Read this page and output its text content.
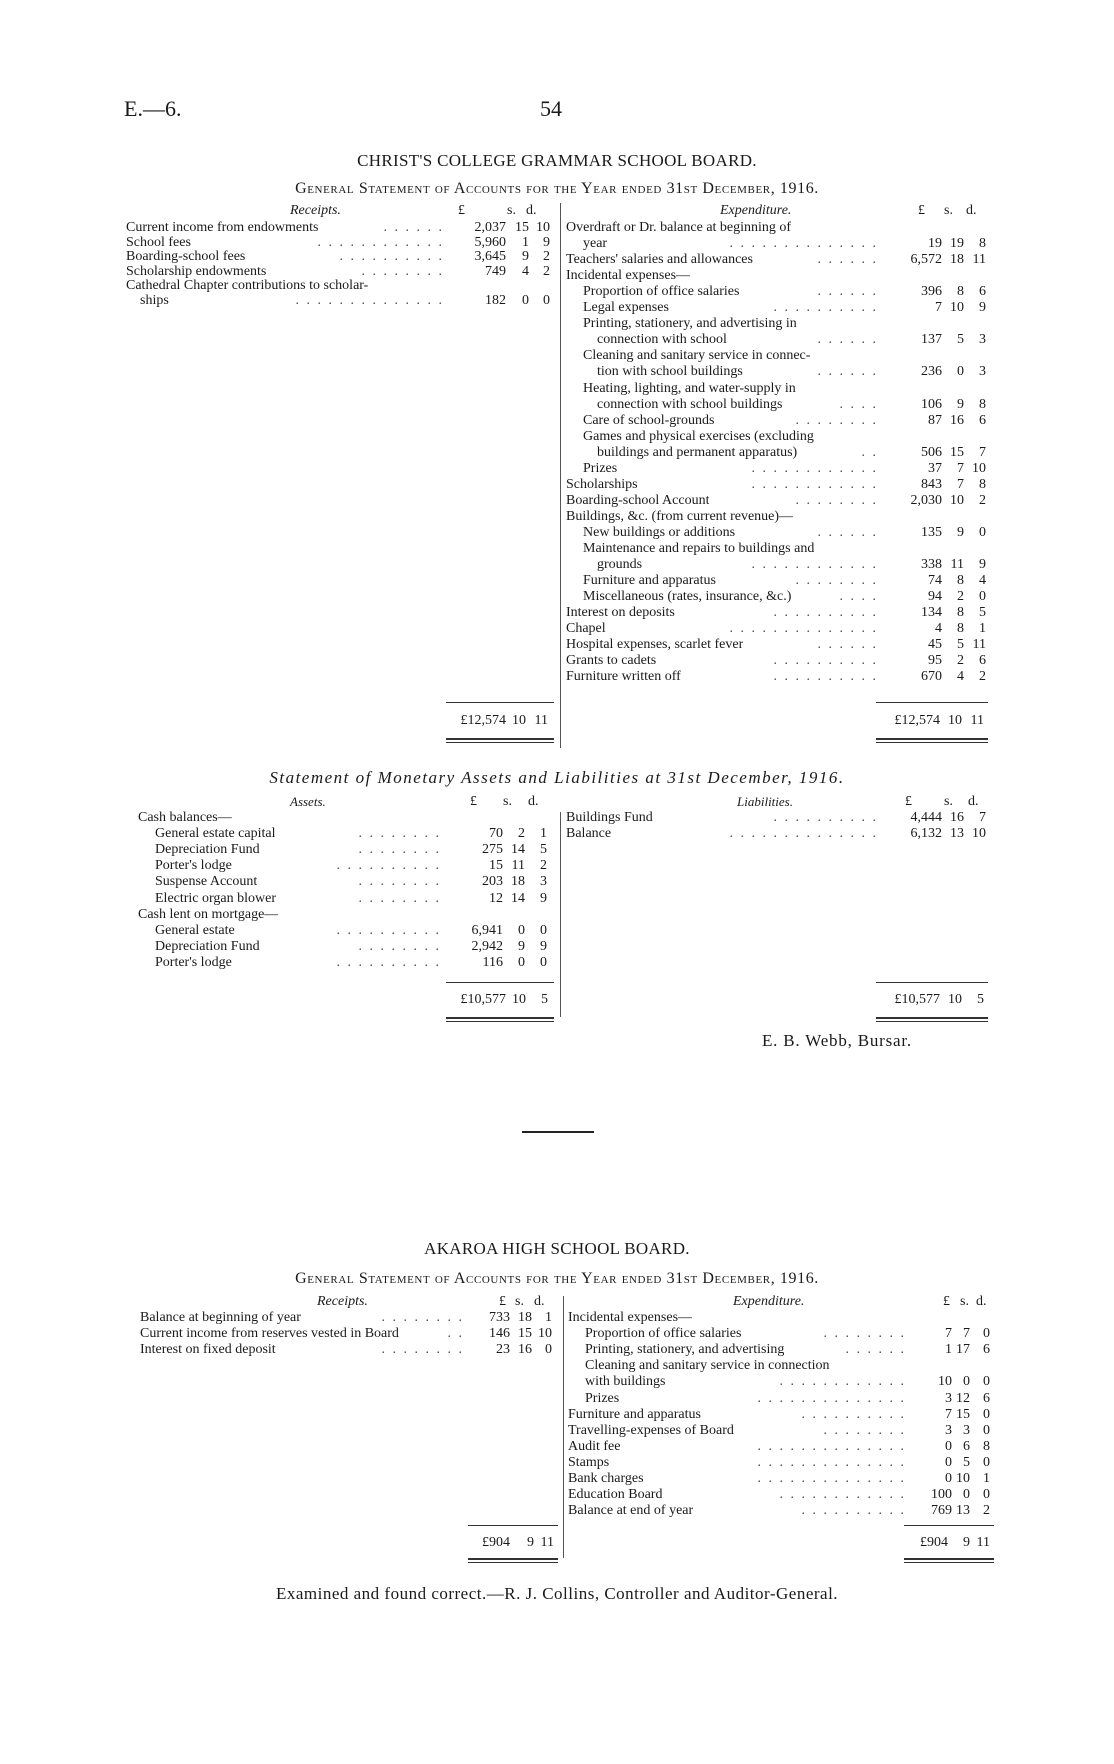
E.—6.	54
CHRIST'S COLLEGE GRAMMAR SCHOOL BOARD.
General Statement of Accounts for the Year ended 31st December, 1916.
Receipts.	Expenditure.
£	s. d.	£ s. d.
Current income from endowments	. . . . . .	2,037 15 10
School fees	. . . . . . . . . . . .	5,960	1	9
Boarding-school fees	. . . . . . . . . .	3,645	9	2
Scholarship endowments	. . . . . . . .	749	4	2
Cathedral Chapter contributions to scholar-
ships	. . . . . . . . . . . . . .	182	0	0
Overdraft or Dr. balance at beginning of
year	. . . . . . . . . . . . . .	19 19	8
Teachers' salaries and allowances	. . . . . .	6,572 18 11
Incidental expenses—
Proportion of office salaries	. . . . . .	396	8	6
Legal expenses	. . . . . . . . . .	7 10	9
Printing, stationery, and advertising in
connection with school	. . . . . .	137	5	3
Cleaning and sanitary service in connec-
tion with school buildings	. . . . . .	236	0	3
Heating, lighting, and water-supply in
connection with school buildings	. . . .	106	9	8
Care of school-grounds	. . . . . . . .	87 16	6
Games and physical exercises (excluding
buildings and permanent apparatus)	. .	506 15	7
Prizes	. . . . . . . . . . . .	37	7 10
Scholarships	. . . . . . . . . . . .	843	7	8
Boarding-school Account	. . . . . . . .	2,030 10	2
Buildings, &c. (from current revenue)—
New buildings or additions	. . . . . .	135	9	0
Maintenance and repairs to buildings and
grounds	. . . . . . . . . . . .	338 11	9
Furniture and apparatus	. . . . . . . .	74	8	4
Miscellaneous (rates, insurance, &c.)	. . . .	94	2	0
Interest on deposits	. . . . . . . . . .	134	8	5
Chapel	. . . . . . . . . . . . . .	4	8	1
Hospital expenses, scarlet fever	. . . . . .	45	5 11
Grants to cadets	. . . . . . . . . .	95	2	6
Furniture written off	. . . . . . . . . .	670	4	2
£12,574 10 11	£12,574 10 11
Statement of Monetary Assets and Liabilities at 31st December, 1916.
Assets.	Liabilities.
£ s. d.	£ s. d.
Cash balances—
General estate capital	. . . . . . . .	70	2	1
Depreciation Fund	. . . . . . . .	275 14	5
Porter's lodge	. . . . . . . . . .	15 11	2
Suspense Account	. . . . . . . .	203 18	3
Electric organ blower	. . . . . . . .	12 14	9
Cash lent on mortgage—
General estate	. . . . . . . . . .	6,941	0	0
Depreciation Fund	. . . . . . . .	2,942	9	9
Porter's lodge	. . . . . . . . . .	116	0	0
Buildings Fund	. . . . . . . . . .	4,444 16	7
Balance	. . . . . . . . . . . . . .	6,132 13 10
£10,577 10	5	£10,577 10	5
E. B. Webb, Bursar.
AKAROA HIGH SCHOOL BOARD.
General Statement of Accounts for the Year ended 31st December, 1916.
Receipts.	Expenditure.
£ s. d.	£ s. d.
Balance at beginning of year	. . . . . . . .	733 18 1
Current income from reserves vested in Board	. .	146 15 10
Interest on fixed deposit	. . . . . . . .	23 16 0
Incidental expenses—
Proportion of office salaries	. . . . . . . .	7 7 0
Printing, stationery, and advertising	. . . . . .	1 17 6
Cleaning and sanitary service in connection
with buildings	. . . . . . . . . . . .	10 0 0
Prizes	. . . . . . . . . . . . . .	3 12 6
Furniture and apparatus	. . . . . . . . . .	7 15 0
Travelling-expenses of Board	. . . . . . . .	3 3 0
Audit fee	. . . . . . . . . . . . . .	0 6 8
Stamps	. . . . . . . . . . . . . .	0 5 0
Bank charges	. . . . . . . . . . . . . .	0 10 1
Education Board	. . . . . . . . . . . .	100 0 0
Balance at end of year	. . . . . . . . . .	769 13 2
£904	9 11	£904	9 11
Examined and found correct.—R. J. Collins, Controller and Auditor-General.
